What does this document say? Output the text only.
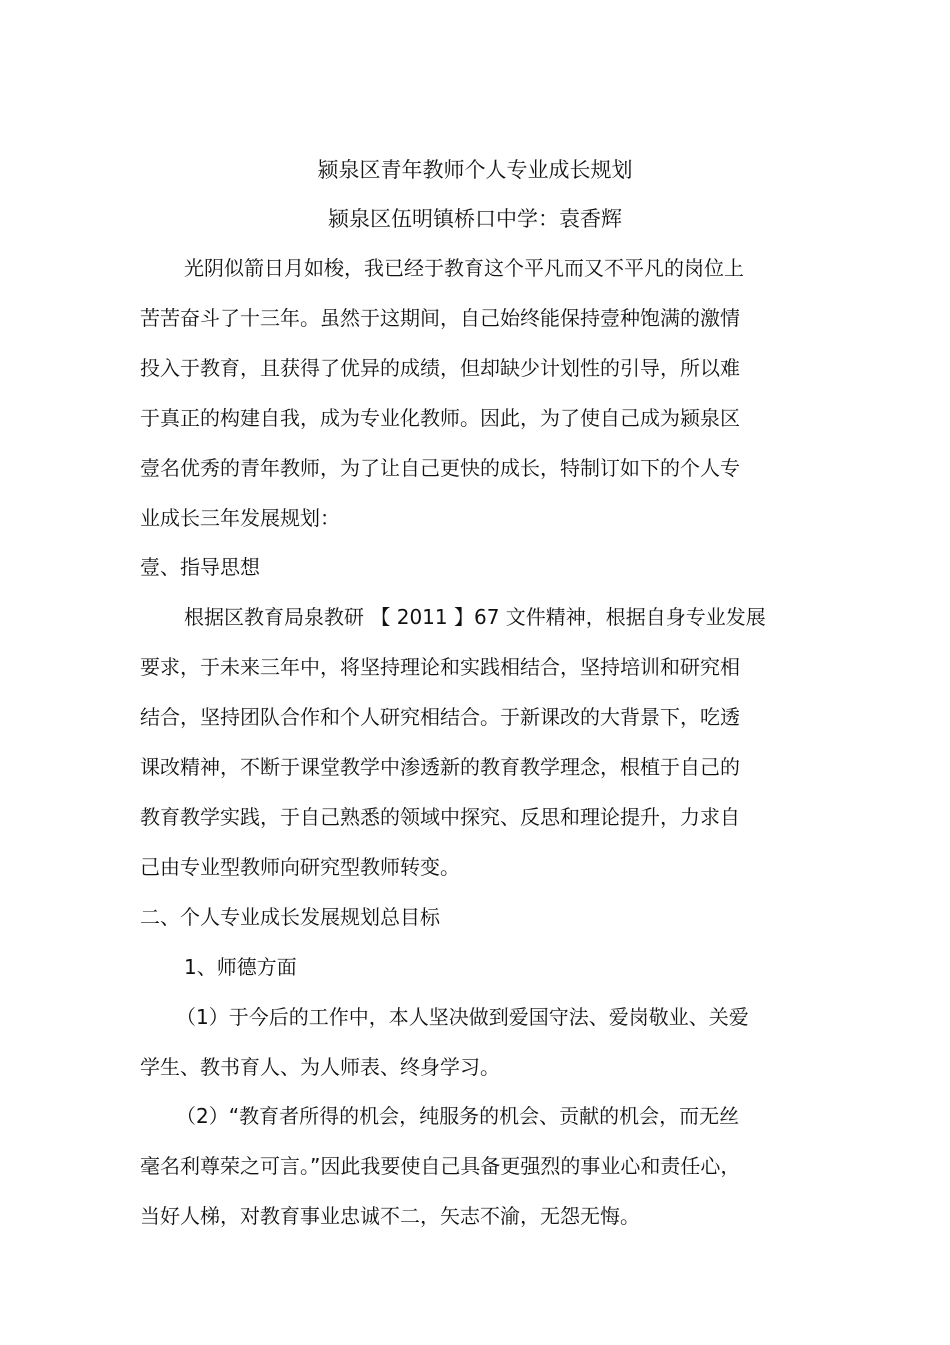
颍泉区青年教师个人专业成长规划
颍泉区伍明镇桥口中学：袁香辉
光阴似箭日月如梭，我已经于教育这个平凡而又不平凡的岗位上
苦苦奋斗了十三年。虽然于这期间，自己始终能保持壹种饱满的激情
投入于教育，且获得了优异的成绩，但却缺少计划性的引导，所以难
于真正的构建自我，成为专业化教师。因此，为了使自己成为颍泉区
壹名优秀的青年教师，为了让自己更快的成长，特制订如下的个人专
业成长三年发展规划：
壹、指导思想
根据区教育局泉教研 【 2011 】67 文件精神，根据自身专业发展
要求，于未来三年中，将坚持理论和实践相结合，坚持培训和研究相
结合，坚持团队合作和个人研究相结合。于新课改的大背景下，吃透
课改精神，不断于课堂教学中渗透新的教育教学理念，根植于自己的
教育教学实践，于自己熟悉的领域中探究、反思和理论提升，力求自
己由专业型教师向研究型教师转变。
二、个人专业成长发展规划总目标
1、师德方面
（1）于今后的工作中，本人坚决做到爱国守法、爱岗敬业、关爱
学生、教书育人、为人师表、终身学习。
（2）“教育者所得的机会，纯服务的机会、贡献的机会，而无丝
毫名利尊荣之可言。”因此我要使自己具备更强烈的事业心和责任心，
当好人梯，对教育事业忠诚不二，矢志不渝，无怨无悔。
